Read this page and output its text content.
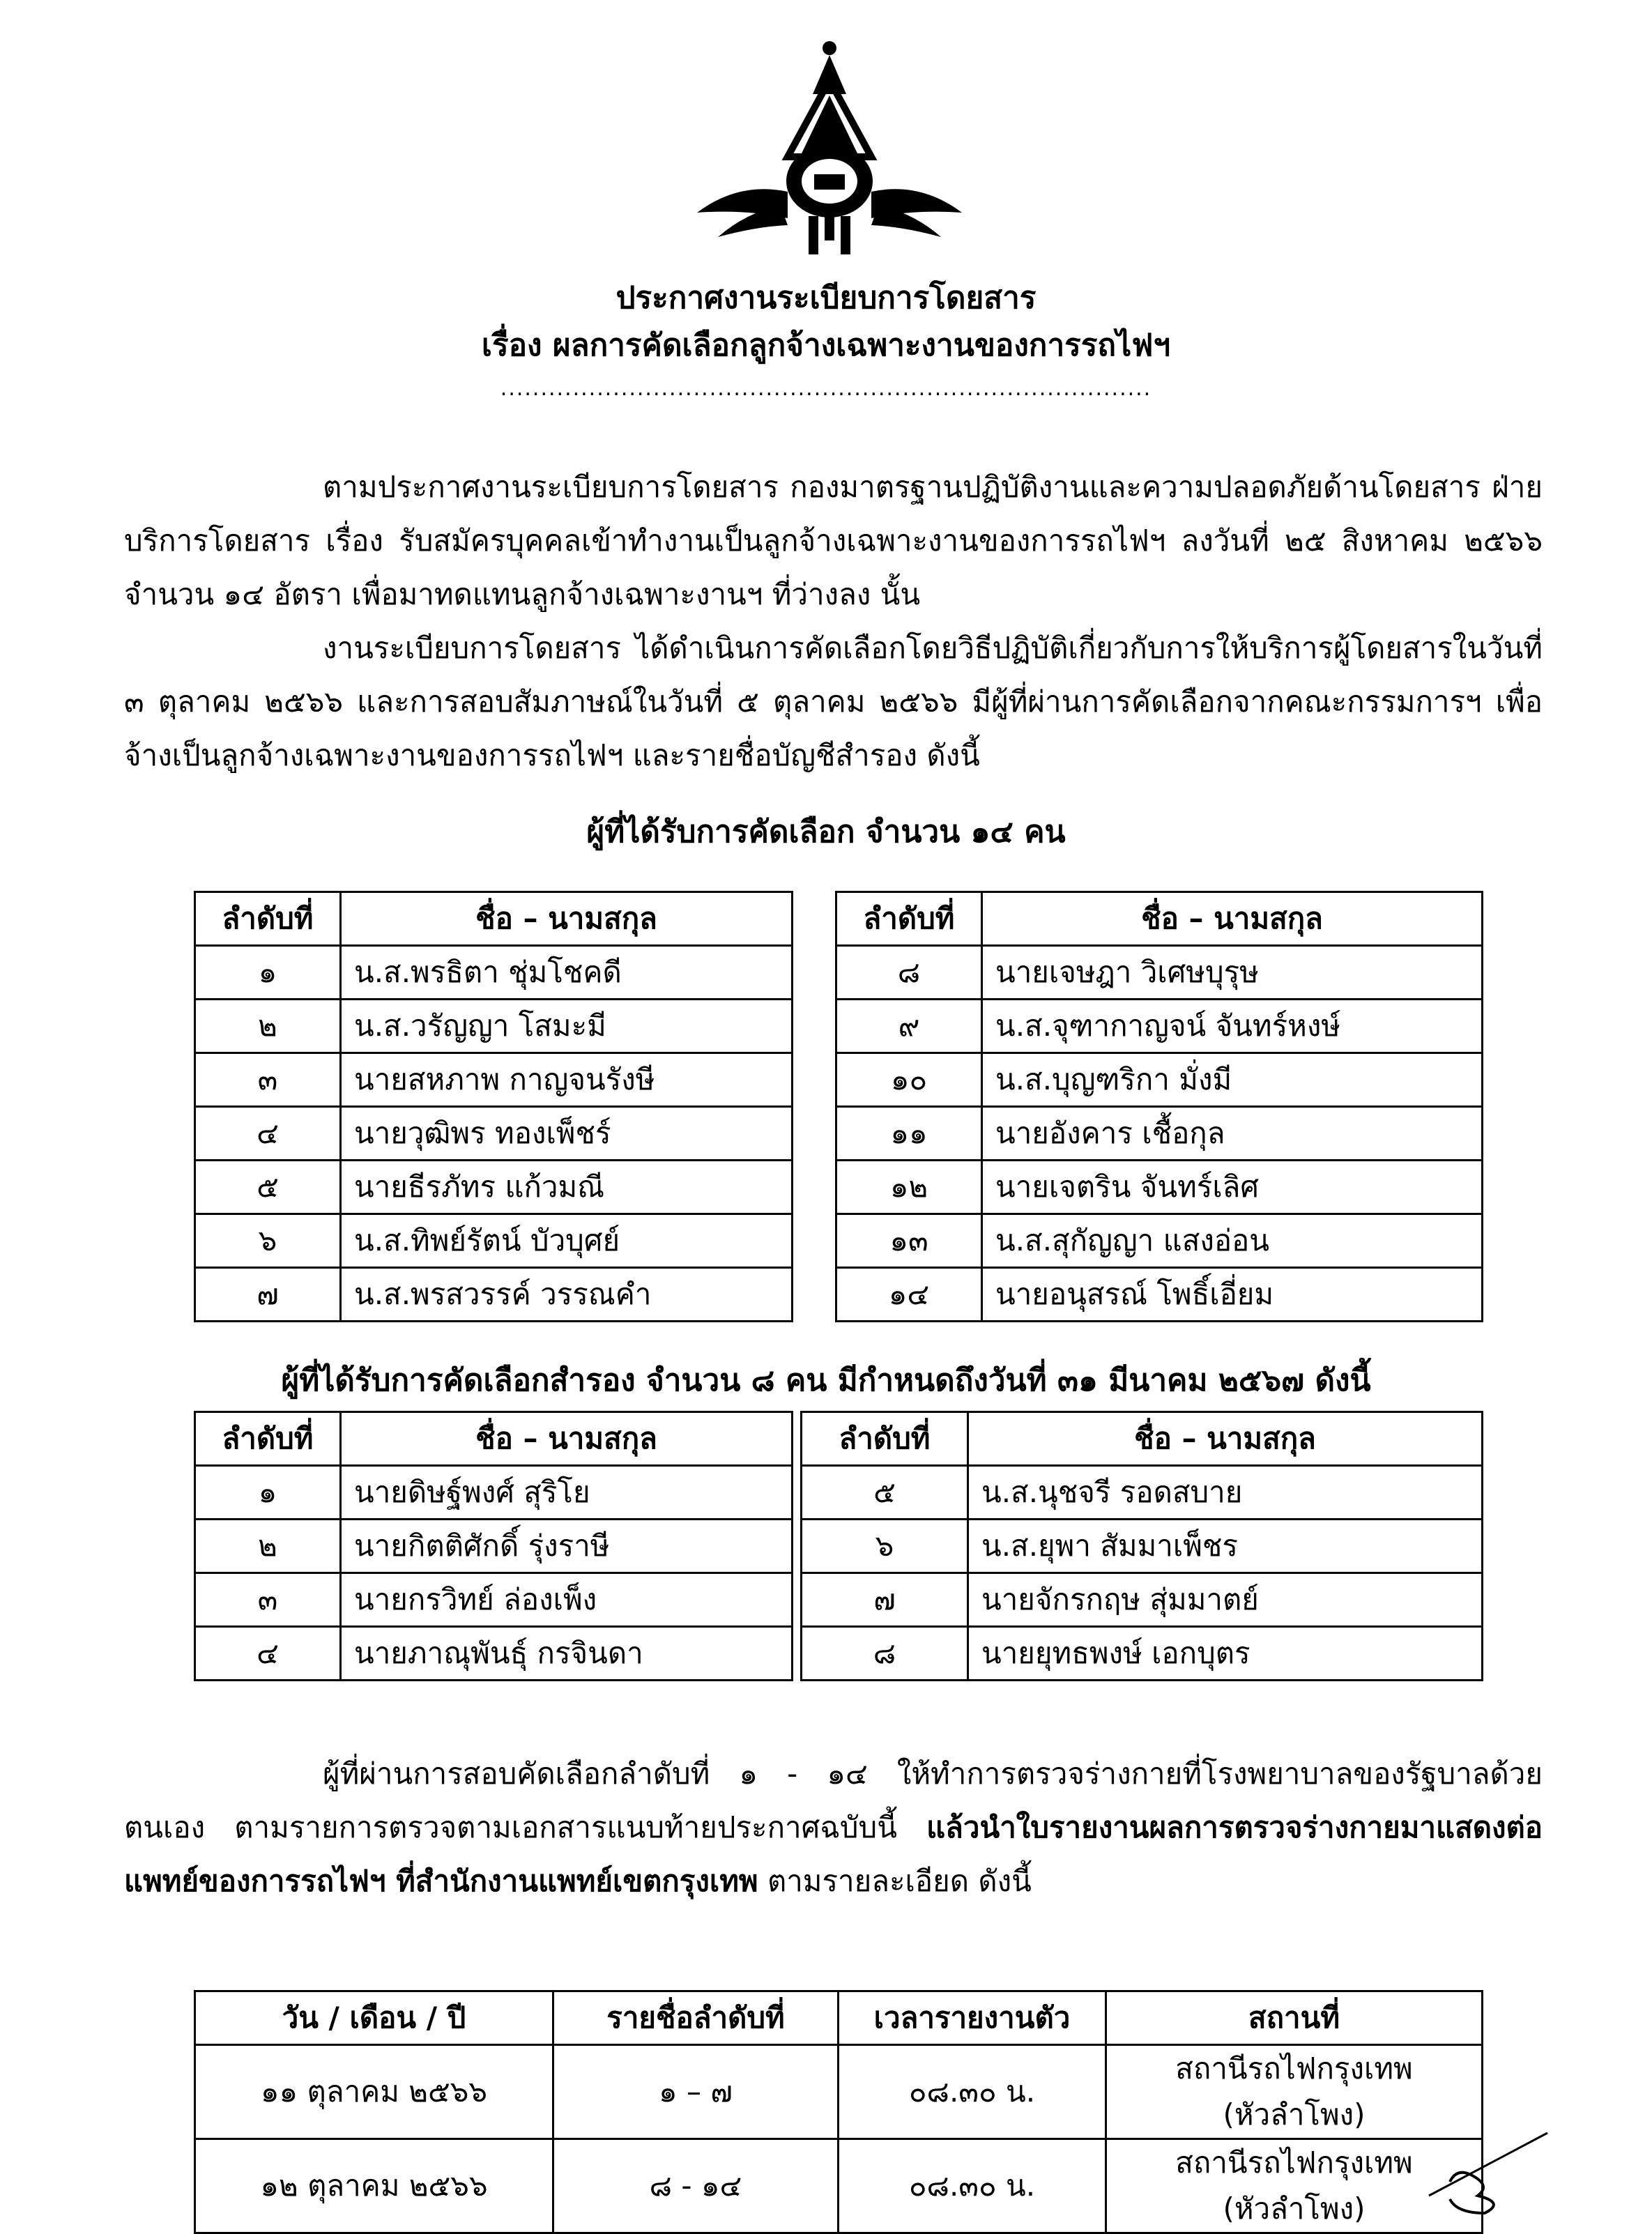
ประกาศงานระเบียบการโดยสาร
เรื่อง ผลการคัดเลือกลูกจ้างเฉพาะงานของการรถไฟฯ
.................................................................................
ตามประกาศงานระเบียบการโดยสาร กองมาตรฐานปฏิบัติงานและความปลอดภัยด้านโดยสาร ฝ่ายบริการโดยสาร เรื่อง รับสมัครบุคคลเข้าทำงานเป็นลูกจ้างเฉพาะงานของการรถไฟฯ ลงวันที่ ๒๕ สิงหาคม ๒๕๖๖ จำนวน ๑๔ อัตรา เพื่อมาทดแทนลูกจ้างเฉพาะงานฯ ที่ว่างลง นั้น
งานระเบียบการโดยสาร ได้ดำเนินการคัดเลือกโดยวิธีปฏิบัติเกี่ยวกับการให้บริการผู้โดยสารในวันที่ ๓ ตุลาคม ๒๕๖๖ และการสอบสัมภาษณ์ในวันที่ ๕ ตุลาคม ๒๕๖๖ มีผู้ที่ผ่านการคัดเลือกจากคณะกรรมการฯ เพื่อจ้างเป็นลูกจ้างเฉพาะงานของการรถไฟฯ และรายชื่อบัญชีสำรอง ดังนี้
ผู้ที่ได้รับการคัดเลือก จำนวน ๑๔ คน
ลำดับที่	ชื่อ – นามสกุล
๑	น.ส.พรธิตา ชุ่มโชคดี
๒	น.ส.วรัญญา โสมะมี
๓	นายสหภาพ กาญจนรังษี
๔	นายวุฒิพร ทองเพ็ชร์
๕	นายธีรภัทร แก้วมณี
๖	น.ส.ทิพย์รัตน์ บัวบุศย์
๗	น.ส.พรสวรรค์ วรรณคำ
ลำดับที่	ชื่อ – นามสกุล
๘	นายเจษฎา วิเศษบุรุษ
๙	น.ส.จุฑากาญจน์ จันทร์หงษ์
๑๐	น.ส.บุญฑริกา มั่งมี
๑๑	นายอังคาร เชื้อกุล
๑๒	นายเจตริน จันทร์เลิศ
๑๓	น.ส.สุกัญญา แสงอ่อน
๑๔	นายอนุสรณ์ โพธิ์เอี่ยม
ผู้ที่ได้รับการคัดเลือกสำรอง จำนวน ๘ คน มีกำหนดถึงวันที่ ๓๑ มีนาคม ๒๕๖๗ ดังนี้
ลำดับที่	ชื่อ – นามสกุล
๑	นายดิษฐ์พงศ์ สุริโย
๒	นายกิตติศักดิ์ รุ่งราษี
๓	นายกรวิทย์ ล่องเพ็ง
๔	นายภาณุพันธุ์ กรจินดา
ลำดับที่	ชื่อ – นามสกุล
๕	น.ส.นุชจรี รอดสบาย
๖	น.ส.ยุพา สัมมาเพ็ชร
๗	นายจักรกฤษ สุ่มมาตย์
๘	นายยุทธพงษ์ เอกบุตร
ผู้ที่ผ่านการสอบคัดเลือกลำดับที่ ๑ - ๑๔ ให้ทำการตรวจร่างกายที่โรงพยาบาลของรัฐบาลด้วยตนเอง ตามรายการตรวจตามเอกสารแนบท้ายประกาศฉบับนี้ แล้วนำใบรายงานผลการตรวจร่างกายมาแสดงต่อแพทย์ของการรถไฟฯ ที่สำนักงานแพทย์เขตกรุงเทพ ตามรายละเอียด ดังนี้
วัน / เดือน / ปี	รายชื่อลำดับที่	เวลารายงานตัว	สถานที่
๑๑ ตุลาคม ๒๕๖๖	๑ – ๗	๐๘.๓๐ น.	สถานีรถไฟกรุงเทพ (หัวลำโพง)
๑๒ ตุลาคม ๒๕๖๖	๘ - ๑๔	๐๘.๓๐ น.	สถานีรถไฟกรุงเทพ (หัวลำโพง)
